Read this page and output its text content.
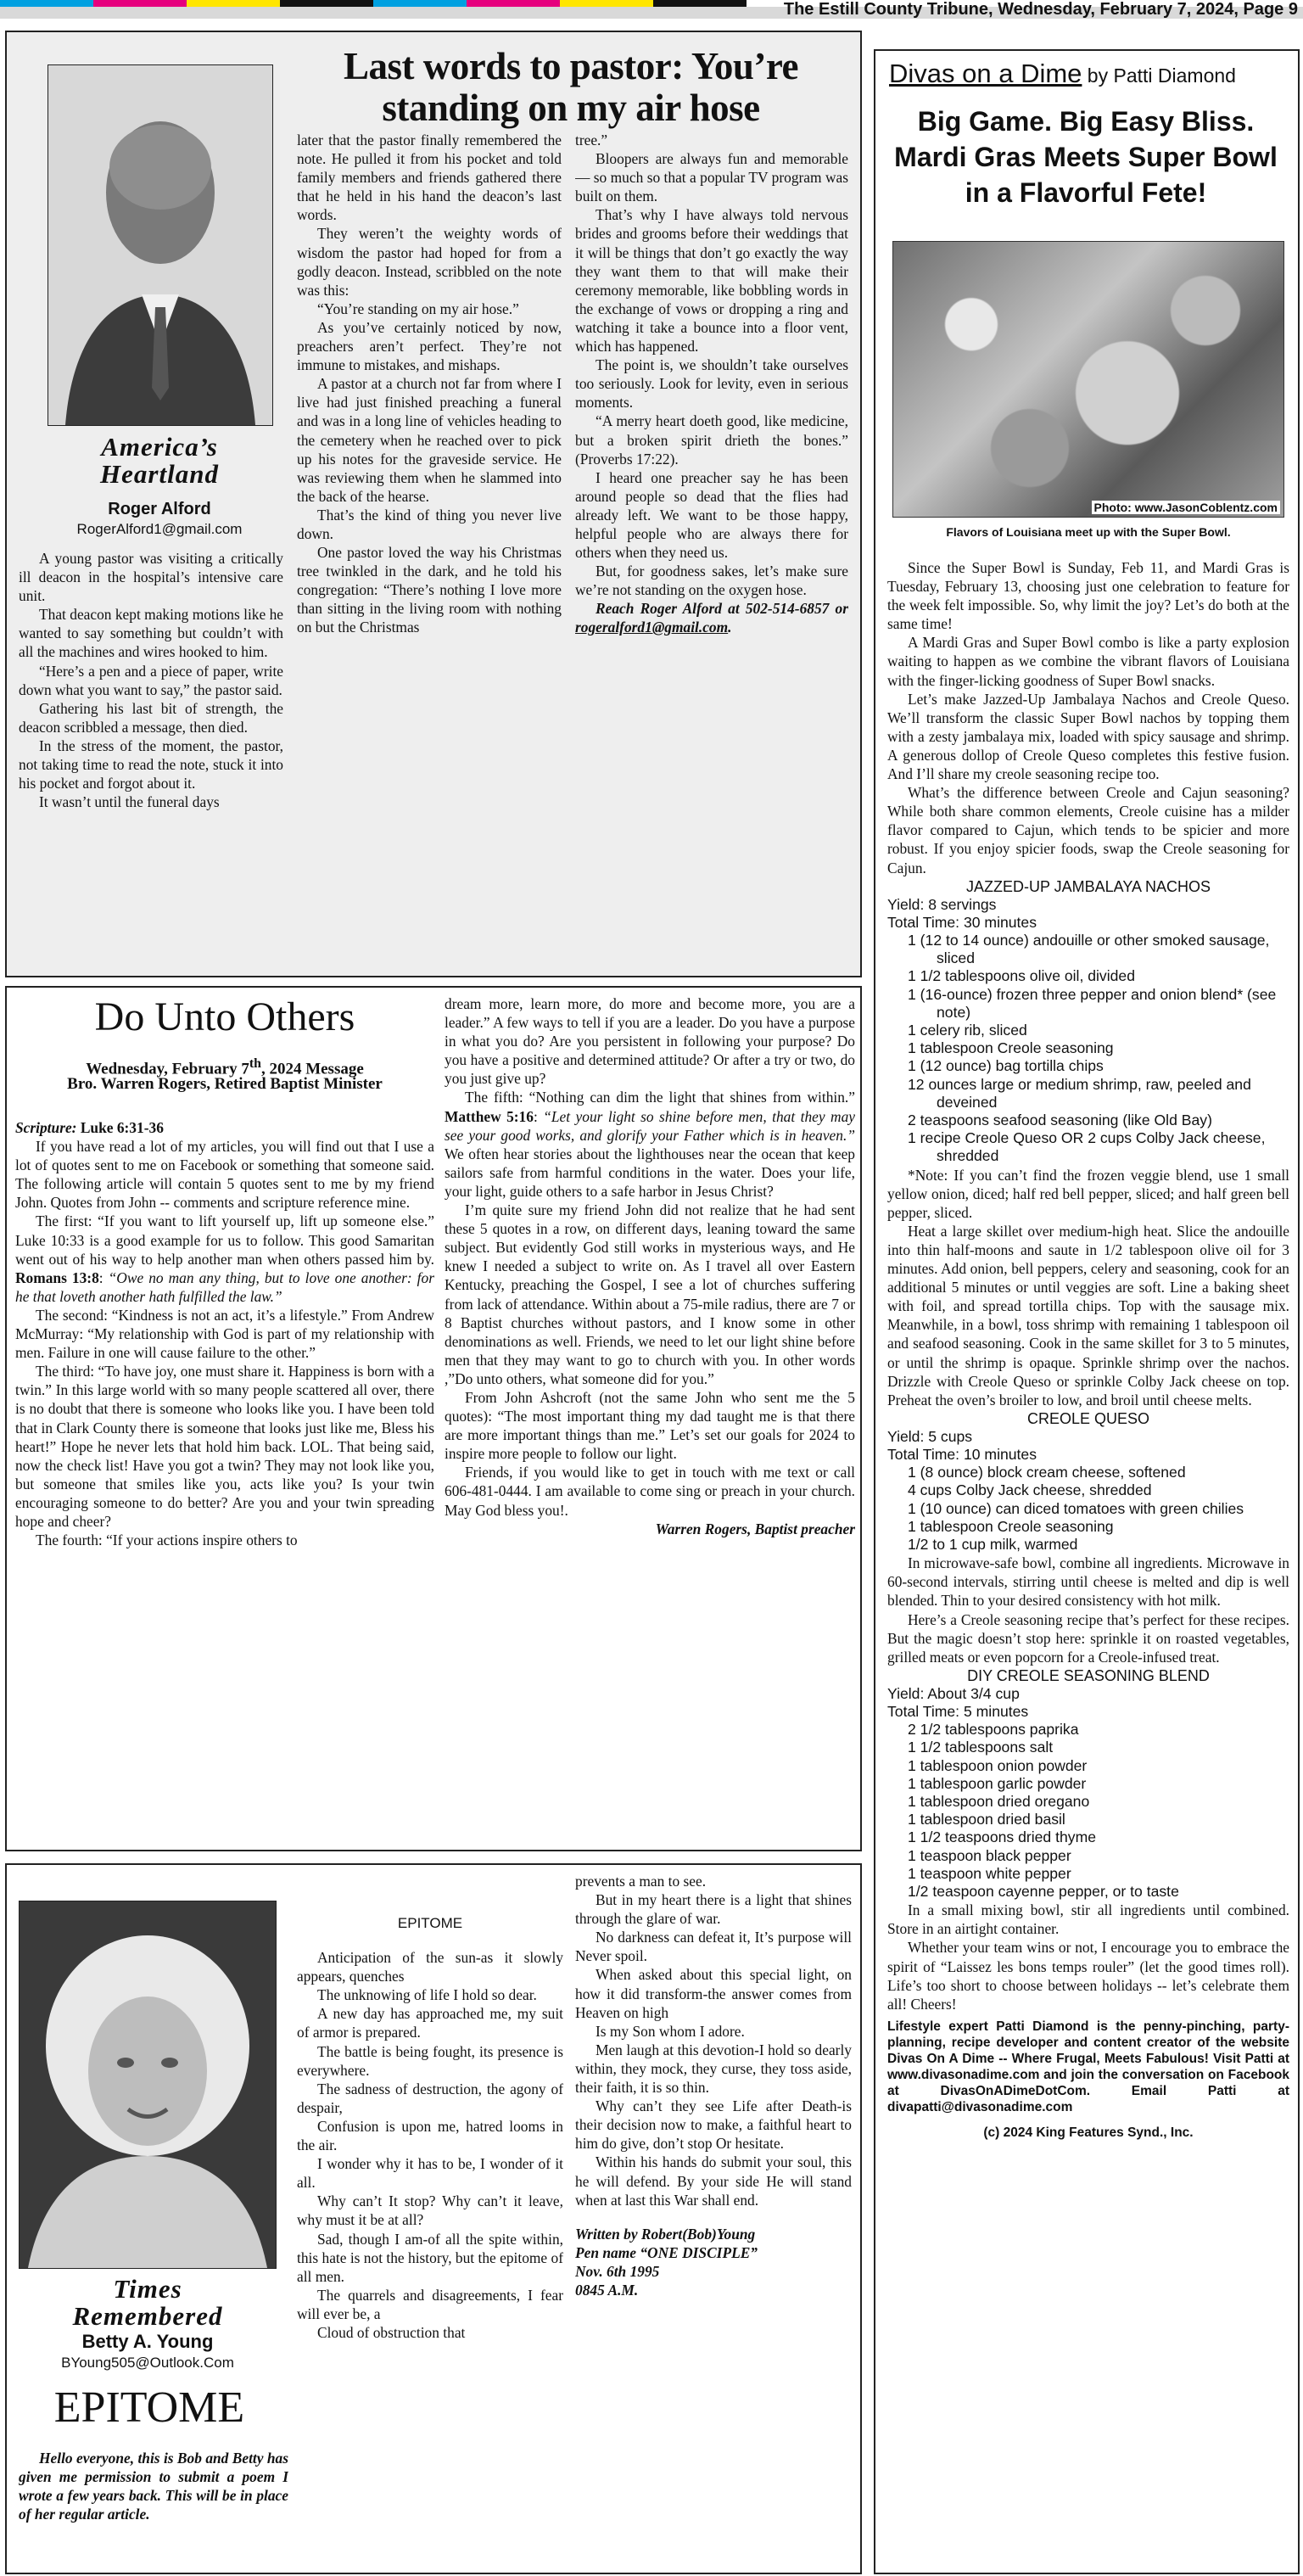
The Estill County Tribune, Wednesday, February 7, 2024, Page 9
America’s
Heartland
Roger Alford
RogerAlford1@gmail.com
Last words to pastor: You’re
standing on my air hose

A young pastor was visiting a critically ill deacon in the hospital’s intensive care unit.

That deacon kept making motions like he wanted to say something but couldn’t with all the machines and wires hooked to him.

“Here’s a pen and a piece of paper, write down what you want to say,” the pastor said.

Gathering his last bit of strength, the deacon scribbled a message, then died.

In the stress of the moment, the pastor, not taking time to read the note, stuck it into his pocket and forgot about it.

It wasn’t until the funeral days

later that the pastor finally remembered the note. He pulled it from his pocket and told family members and friends gathered there that he held in his hand the deacon’s last words.

They weren’t the weighty words of wisdom the pastor had hoped for from a godly deacon. Instead, scribbled on the note was this:

“You’re standing on my air hose.”

As you’ve certainly noticed by now, preachers aren’t perfect. They’re not immune to mistakes, and mishaps.

A pastor at a church not far from where I live had just finished preaching a funeral and was in a long line of vehicles heading to the cemetery when he reached over to pick up his notes for the graveside service. He was reviewing them when he slammed into the back of the hearse.

That’s the kind of thing you never live down.

One pastor loved the way his Christmas tree twinkled in the dark, and he told his congregation: “There’s nothing I love more than sitting in the living room with nothing on but the Christmas

tree.”

Bloopers are always fun and memorable — so much so that a popular TV program was built on them.

That’s why I have always told nervous brides and grooms before their weddings that it will be things that don’t go exactly the way they want them to that will make their ceremony memorable, like bobbling words in the exchange of vows or dropping a ring and watching it take a bounce into a floor vent, which has happened.

The point is, we shouldn’t take ourselves too seriously. Look for levity, even in serious moments.

“A merry heart doeth good, like medicine, but a broken spirit drieth the bones.” (Proverbs 17:22).

I heard one preacher say he has been around people so dead that the flies had already left. We want to be those happy, helpful people who are always there for others when they need us.

But, for goodness sakes, let’s make sure we’re not standing on the oxygen hose.

Reach Roger Alford at 502-514-6857 or rogeralford1@gmail.com.

Divas on a Dime by Patti Diamond
Big Game. Big Easy Bliss. Mardi Gras Meets Super Bowl in a Flavorful Fete!
Photo: www.JasonCoblentz.com
Flavors of Louisiana meet up with the Super Bowl.

Since the Super Bowl is Sunday, Feb 11, and Mardi Gras is Tuesday, February 13, choosing just one celebration to feature for the week felt impossible. So, why limit the joy? Let’s do both at the same time!

A Mardi Gras and Super Bowl combo is like a party explosion waiting to happen as we combine the vibrant flavors of Louisiana with the finger-licking goodness of Super Bowl snacks.

Let’s make Jazzed-Up Jambalaya Nachos and Creole Queso. We’ll transform the classic Super Bowl nachos by topping them with a zesty jambalaya mix, loaded with spicy sausage and shrimp. A generous dollop of Creole Queso completes this festive fusion. And I’ll share my creole seasoning recipe too.

What’s the difference between Creole and Cajun seasoning? While both share common elements, Creole cuisine has a milder flavor compared to Cajun, which tends to be spicier and more robust. If you enjoy spicier foods, swap the Creole seasoning for Cajun.

JAZZED-UP JAMBALAYA NACHOS
Yield: 8 servings
Total Time: 30 minutes
1 (12 to 14 ounce) andouille or other smoked sausage, sliced
1 1/2 tablespoons olive oil, divided
1 (16-ounce) frozen three pepper and onion blend* (see note)
1 celery rib, sliced
1 tablespoon Creole seasoning
1 (12 ounce) bag tortilla chips
12 ounces large or medium shrimp, raw, peeled and deveined
2 teaspoons seafood seasoning (like Old Bay)
1 recipe Creole Queso OR 2 cups Colby Jack cheese, shredded

*Note: If you can’t find the frozen veggie blend, use 1 small yellow onion, diced; half red bell pepper, sliced; and half green bell pepper, sliced.

Heat a large skillet over medium-high heat. Slice the andouille into thin half-moons and saute in 1/2 tablespoon olive oil for 3 minutes. Add onion, bell peppers, celery and seasoning, cook for an additional 5 minutes or until veggies are soft. Line a baking sheet with foil, and spread tortilla chips. Top with the sausage mix. Meanwhile, in a bowl, toss shrimp with remaining 1 tablespoon oil and seafood seasoning. Cook in the same skillet for 3 to 5 minutes, or until the shrimp is opaque. Sprinkle shrimp over the nachos. Drizzle with Creole Queso or sprinkle Colby Jack cheese on top. Preheat the oven’s broiler to low, and broil until cheese melts.

CREOLE QUESO
Yield: 5 cups
Total Time: 10 minutes
1 (8 ounce) block cream cheese, softened
4 cups Colby Jack cheese, shredded
1 (10 ounce) can diced tomatoes with green chilies
1 tablespoon Creole seasoning
1/2 to 1 cup milk, warmed

In microwave-safe bowl, combine all ingredients. Microwave in 60-second intervals, stirring until cheese is melted and dip is well blended. Thin to your desired consistency with hot milk.

Here’s a Creole seasoning recipe that’s perfect for these recipes. But the magic doesn’t stop here: sprinkle it on roasted vegetables, grilled meats or even popcorn for a Creole-infused treat.

DIY CREOLE SEASONING BLEND
Yield: About 3/4 cup
Total Time: 5 minutes
2 1/2 tablespoons paprika
1 1/2 tablespoons salt
1 tablespoon onion powder
1 tablespoon garlic powder
1 tablespoon dried oregano
1 tablespoon dried basil
1 1/2 teaspoons dried thyme
1 teaspoon black pepper
1 teaspoon white pepper
1/2 teaspoon cayenne pepper, or to taste

In a small mixing bowl, stir all ingredients until combined. Store in an airtight container.

Whether your team wins or not, I encourage you to embrace the spirit of “Laissez les bons temps rouler” (let the good times roll). Life’s too short to choose between holidays -- let’s celebrate them all! Cheers!

Lifestyle expert Patti Diamond is the penny-pinching, party-planning, recipe developer and content creator of the website Divas On A Dime -- Where Frugal, Meets Fabulous! Visit Patti at www.divasonadime.com and join the conversation on Facebook at DivasOnADimeDotCom. Email Patti at divapatti@divasonadime.com
(c) 2024 King Features Synd., Inc.
Do Unto Others
Wednesday, February 7th, 2024 Message
Bro. Warren Rogers, Retired Baptist Minister

Scripture: Luke 6:31-36

If you have read a lot of my articles, you will find out that I use a lot of quotes sent to me on Facebook or something that someone said. The following article will contain 5 quotes sent to me by my friend John. Quotes from John -- comments and scripture reference mine.

The first: “If you want to lift yourself up, lift up someone else.” Luke 10:33 is a good example for us to follow. This good Samaritan went out of his way to help another man when others passed him by. Romans 13:8: “Owe no man any thing, but to love one another: for he that loveth another hath fulfilled the law.”

The second: “Kindness is not an act, it’s a lifestyle.” From Andrew McMurray: “My relationship with God is part of my relationship with men. Failure in one will cause failure to the other.”

The third: “To have joy, one must share it. Happiness is born with a twin.” In this large world with so many people scattered all over, there is no doubt that there is someone who looks like you. I have been told that in Clark County there is someone that looks just like me, Bless his heart!” Hope he never lets that hold him back. LOL. That being said, now the check list! Have you got a twin? They may not look like you, but someone that smiles like you, acts like you? Is your twin encouraging someone to do better? Are you and your twin spreading hope and cheer?

The fourth: “If your actions inspire others to

dream more, learn more, do more and become more, you are a leader.” A few ways to tell if you are a leader. Do you have a purpose in what you do? Are you persistent in following your purpose? Do you have a positive and determined attitude? Or after a try or two, do you just give up?

The fifth: “Nothing can dim the light that shines from within.” Matthew 5:16: “Let your light so shine before men, that they may see your good works, and glorify your Father which is in heaven.” We often hear stories about the lighthouses near the ocean that keep sailors safe from harmful conditions in the water. Does your life, your light, guide others to a safe harbor in Jesus Christ?

I’m quite sure my friend John did not realize that he had sent these 5 quotes in a row, on different days, leaning toward the same subject. But evidently God still works in mysterious ways, and He knew I needed a subject to write on. As I travel all over Eastern Kentucky, preaching the Gospel, I see a lot of churches suffering from lack of attendance. Within about a 75-mile radius, there are 7 or 8 Baptist churches without pastors, and I know some in other denominations as well. Friends, we need to let our light shine before men that they may want to go to church with you. In other words ,”Do unto others, what someone did for you.”

From John Ashcroft (not the same John who sent me the 5 quotes): “The most important thing my dad taught me is that there are more important things than me.” Let’s set our goals for 2024 to inspire more people to follow our light.

Friends, if you would like to get in touch with me text or call 606-481-0444. I am available to come sing or preach in your church. May God bless you!.

Warren Rogers, Baptist preacher
Times
Remembered
Betty A. Young
BYoung505@Outlook.Com
EPITOME

Hello everyone, this is Bob and Betty has given me permission to submit a poem I wrote a few years back. This will be in place of her regular article.

EPITOME

Anticipation of the sun-as it slowly appears, quenches

The unknowing of life I hold so dear.

A new day has approached me, my suit of armor is prepared.

The battle is being fought, its presence is everywhere.

The sadness of destruction, the agony of despair,

Confusion is upon me, hatred looms in the air.

I wonder why it has to be, I wonder of it all.

Why can’t It stop? Why can’t it leave, why must it be at all?

Sad, though I am-of all the spite within, this hate is not the history, but the epitome of all men.

The quarrels and disagreements, I fear will ever be, a

Cloud of obstruction that

prevents a man to see.

But in my heart there is a light that shines through the glare of war.

No darkness can defeat it, It’s purpose will Never spoil.

When asked about this special light, on how it did transform-the answer comes from Heaven on high

Is my Son whom I adore.

Men laugh at this devotion-I hold so dearly within, they mock, they curse, they toss aside, their faith, it is so thin.

Why can’t they see Life after Death-is their decision now to make, a faithful heart to him do give, don’t stop Or hesitate.

Within his hands do submit your soul, this he will defend. By your side He will stand when at last this War shall end.

Written by Robert(Bob)Young
Pen name “ONE DISCIPLE”
Nov. 6th 1995
0845 A.M.
